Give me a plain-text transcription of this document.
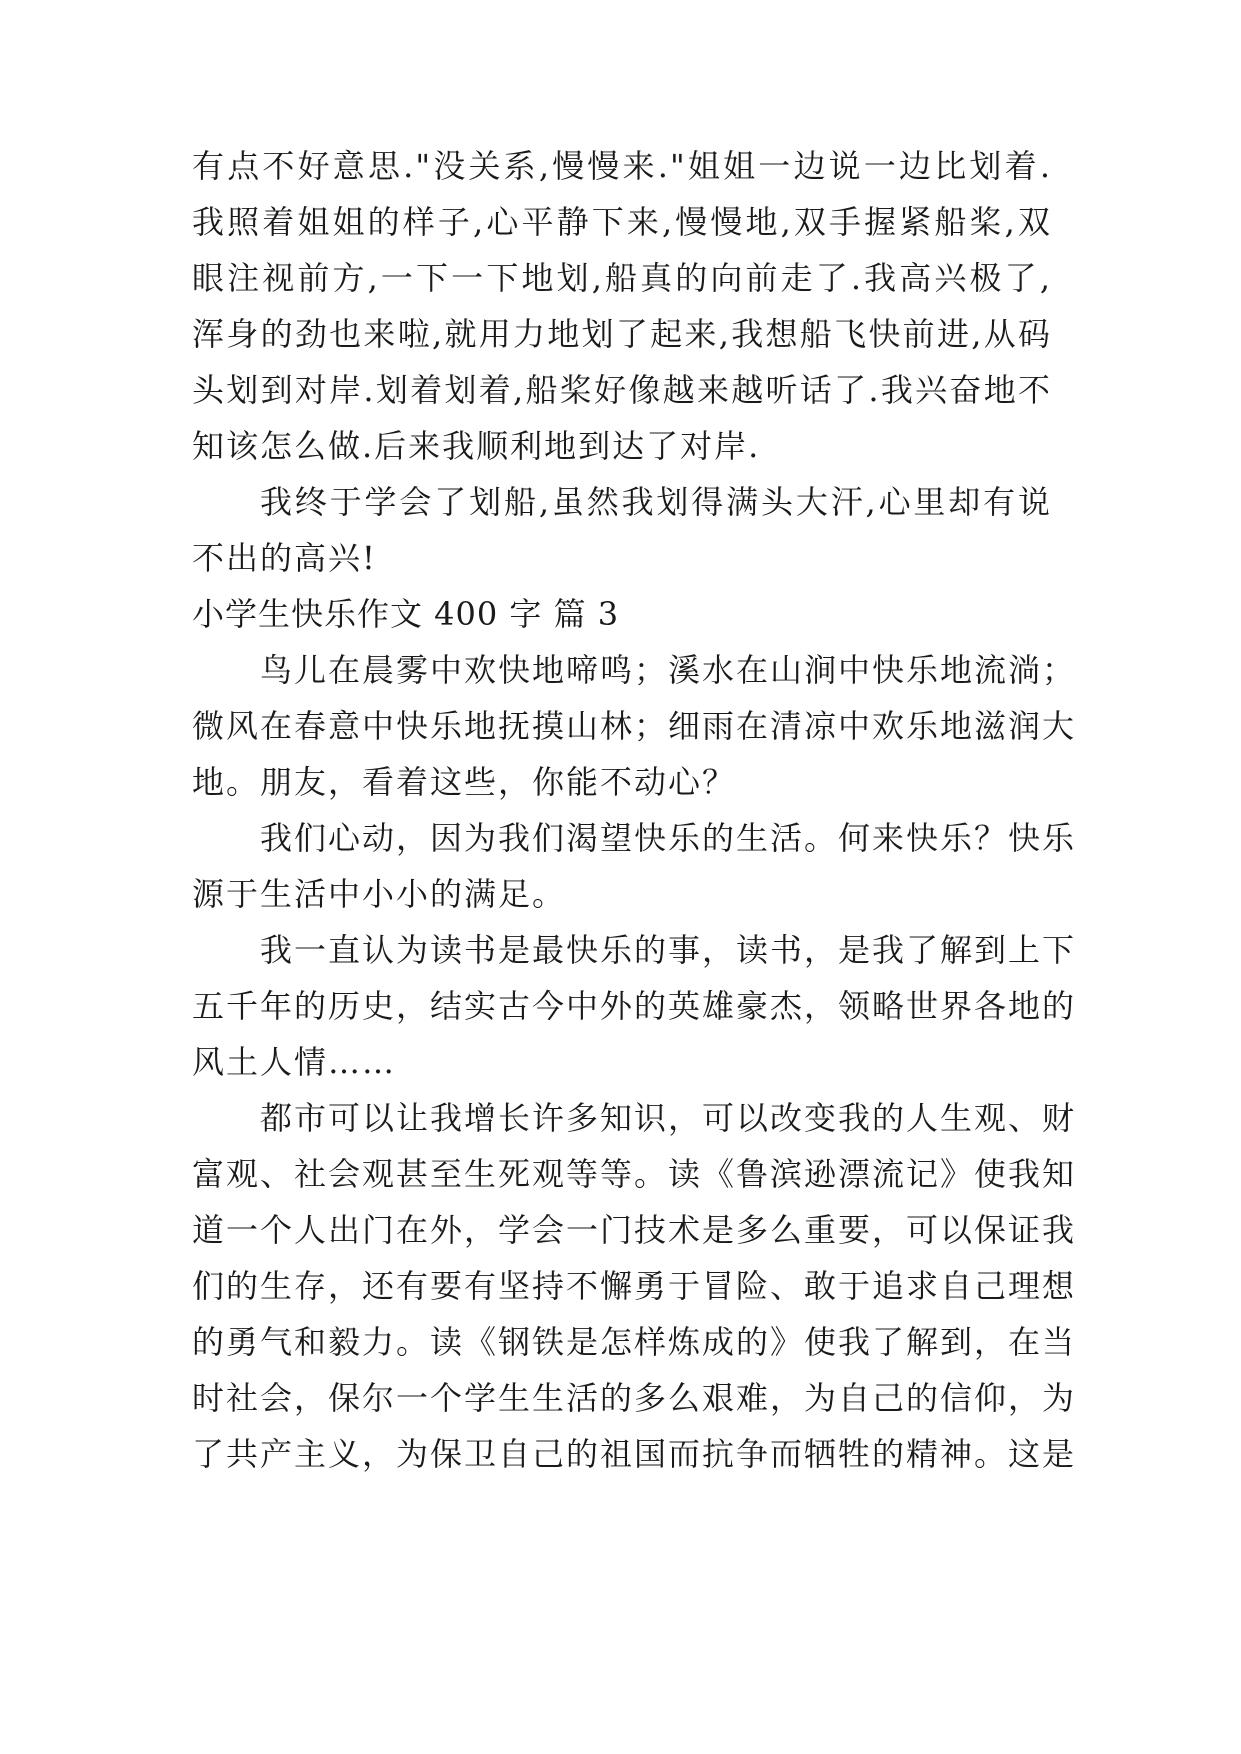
有点不好意思."没关系,慢慢来."姐姐一边说一边比划着.
我照着姐姐的样子,心平静下来,慢慢地,双手握紧船桨,双
眼注视前方,一下一下地划,船真的向前走了.我高兴极了,
浑身的劲也来啦,就用力地划了起来,我想船飞快前进,从码
头划到对岸.划着划着,船桨好像越来越听话了.我兴奋地不
知该怎么做.后来我顺利地到达了对岸.
我终于学会了划船,虽然我划得满头大汗,心里却有说
不出的高兴!
小学生快乐作文 400 字 篇 3
鸟儿在晨雾中欢快地啼鸣；溪水在山涧中快乐地流淌；
微风在春意中快乐地抚摸山林；细雨在清凉中欢乐地滋润大
地。朋友，看着这些，你能不动心？
我们心动，因为我们渴望快乐的生活。何来快乐？快乐
源于生活中小小的满足。
我一直认为读书是最快乐的事，读书，是我了解到上下
五千年的历史，结实古今中外的英雄豪杰，领略世界各地的
风土人情……
都市可以让我增长许多知识，可以改变我的人生观、财
富观、社会观甚至生死观等等。读《鲁滨逊漂流记》使我知
道一个人出门在外，学会一门技术是多么重要，可以保证我
们的生存，还有要有坚持不懈勇于冒险、敢于追求自己理想
的勇气和毅力。读《钢铁是怎样炼成的》使我了解到，在当
时社会，保尔一个学生生活的多么艰难，为自己的信仰，为
了共产主义，为保卫自己的祖国而抗争而牺牲的精神。这是
